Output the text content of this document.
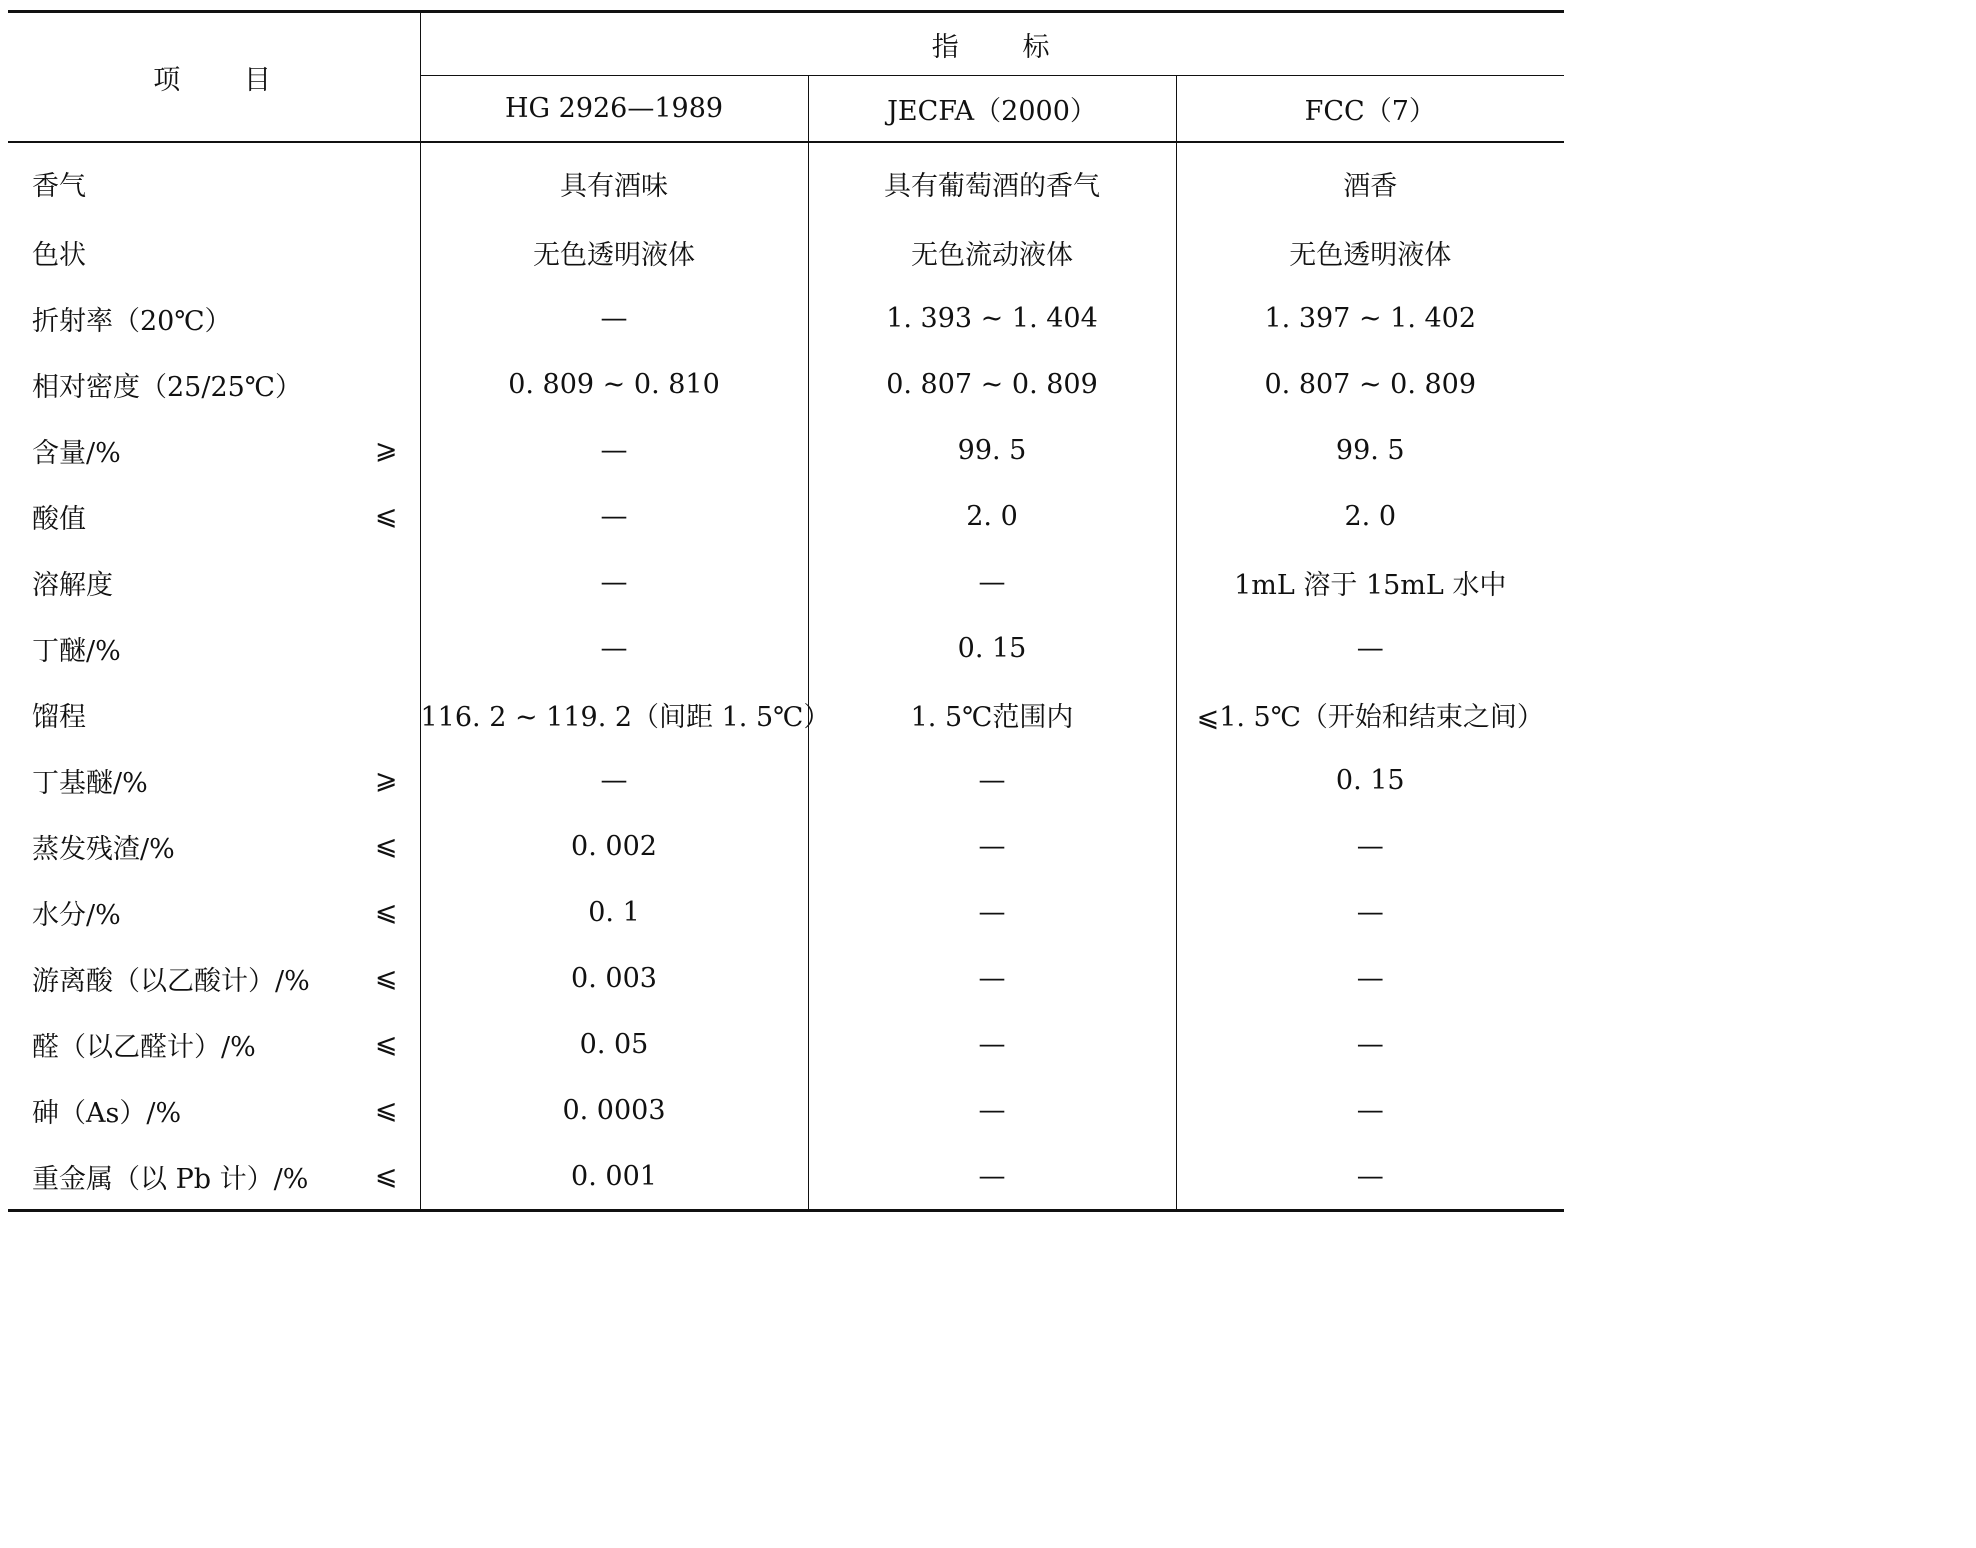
项　　目	指　　标		
	HG 2926—1989	JECFA（2000）	FCC（7）
香气	具有酒味	具有葡萄酒的香气	酒香
色状	无色透明液体	无色流动液体	无色透明液体
折射率（20℃）	—	1. 393 ~ 1. 404	1. 397 ~ 1. 402
相对密度（25/25℃）	0. 809 ~ 0. 810	0. 807 ~ 0. 809	0. 807 ~ 0. 809
含量/% ⩾	—	99. 5	99. 5
酸值 ⩽	—	2. 0	2. 0
溶解度	—	—	1mL 溶于 15mL 水中
丁醚/%	—	0. 15	—
馏程	116. 2 ~ 119. 2（间距 1. 5℃）	1. 5℃范围内	⩽1. 5℃（开始和结束之间）
丁基醚/% ⩾	—	—	0. 15
蒸发残渣/% ⩽	0. 002	—	—
水分/% ⩽	0. 1	—	—
游离酸（以乙酸计）/% ⩽	0. 003	—	—
醛（以乙醛计）/% ⩽	0. 05	—	—
砷（As）/% ⩽	0. 0003	—	—
重金属（以 Pb 计）/% ⩽	0. 001	—	—
